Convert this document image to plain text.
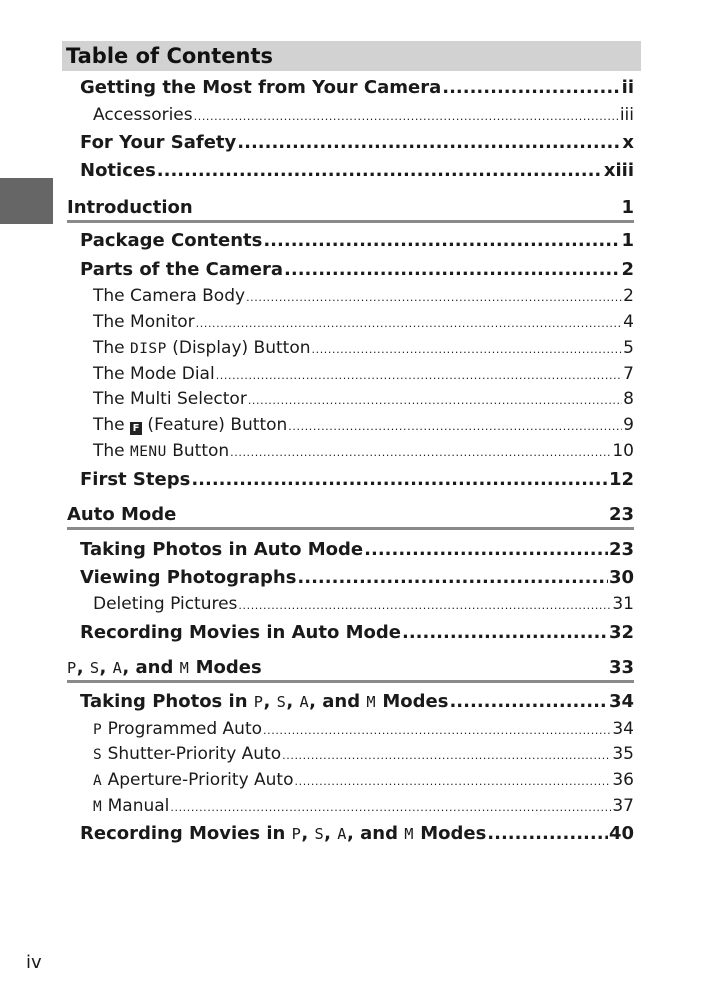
Table of Contents
Getting the Most from Your Camera .....	ii
Accessories .....	iii
For Your Safety .....	x
Notices .....	xiii
Introduction	1
Package Contents .....	1
Parts of the Camera .....	2
The Camera Body .....	2
The Monitor .....	4
The DISP (Display) Button .....	5
The Mode Dial .....	7
The Multi Selector .....	8
The F (Feature) Button .....	9
The MENU Button .....	10
First Steps .....	12
Auto Mode	23
Taking Photos in Auto Mode .....	23
Viewing Photographs .....	30
Deleting Pictures .....	31
Recording Movies in Auto Mode .....	32
P, S, A, and M Modes	33
Taking Photos in P, S, A, and M Modes .....	34
P Programmed Auto .....	34
S Shutter-Priority Auto .....	35
A Aperture-Priority Auto .....	36
M Manual .....	37
Recording Movies in P, S, A, and M Modes .....	40
iv
